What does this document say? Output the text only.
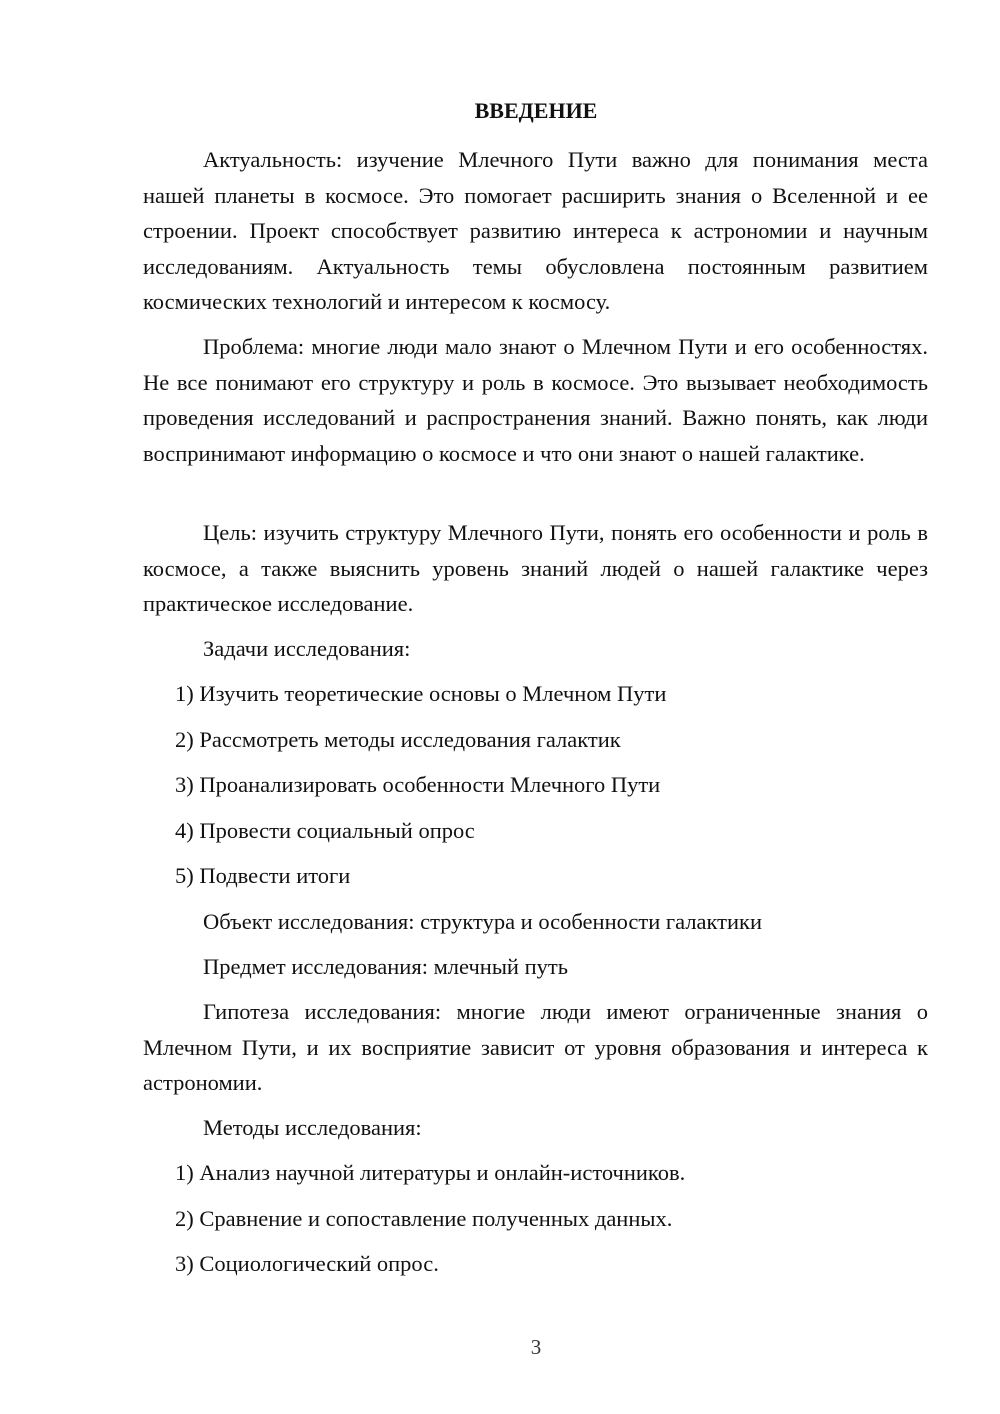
ВВЕДЕНИЕ

Актуальность: изучение Млечного Пути важно для понимания места нашей планеты в космосе. Это помогает расширить знания о Вселенной и ее строении. Проект способствует развитию интереса к астрономии и научным исследованиям. Актуальность темы обусловлена постоянным развитием космических технологий и интересом к космосу.

Проблема: многие люди мало знают о Млечном Пути и его особенностях. Не все понимают его структуру и роль в космосе. Это вызывает необходимость проведения исследований и распространения знаний. Важно понять, как люди воспринимают информацию о космосе и что они знают о нашей галактике.

Цель: изучить структуру Млечного Пути, понять его особенности и роль в космосе, а также выяснить уровень знаний людей о нашей галактике через практическое исследование.

Задачи исследования:

1) Изучить теоретические основы о Млечном Пути

2) Рассмотреть методы исследования галактик

3) Проанализировать особенности Млечного Пути

4) Провести социальный опрос

5) Подвести итоги

Объект исследования: структура и особенности галактики

Предмет исследования: млечный путь

Гипотеза исследования: многие люди имеют ограниченные знания о Млечном Пути, и их восприятие зависит от уровня образования и интереса к астрономии.

Методы исследования:

1) Анализ научной литературы и онлайн-источников.

2) Сравнение и сопоставление полученных данных.

3) Социологический опрос.

3
